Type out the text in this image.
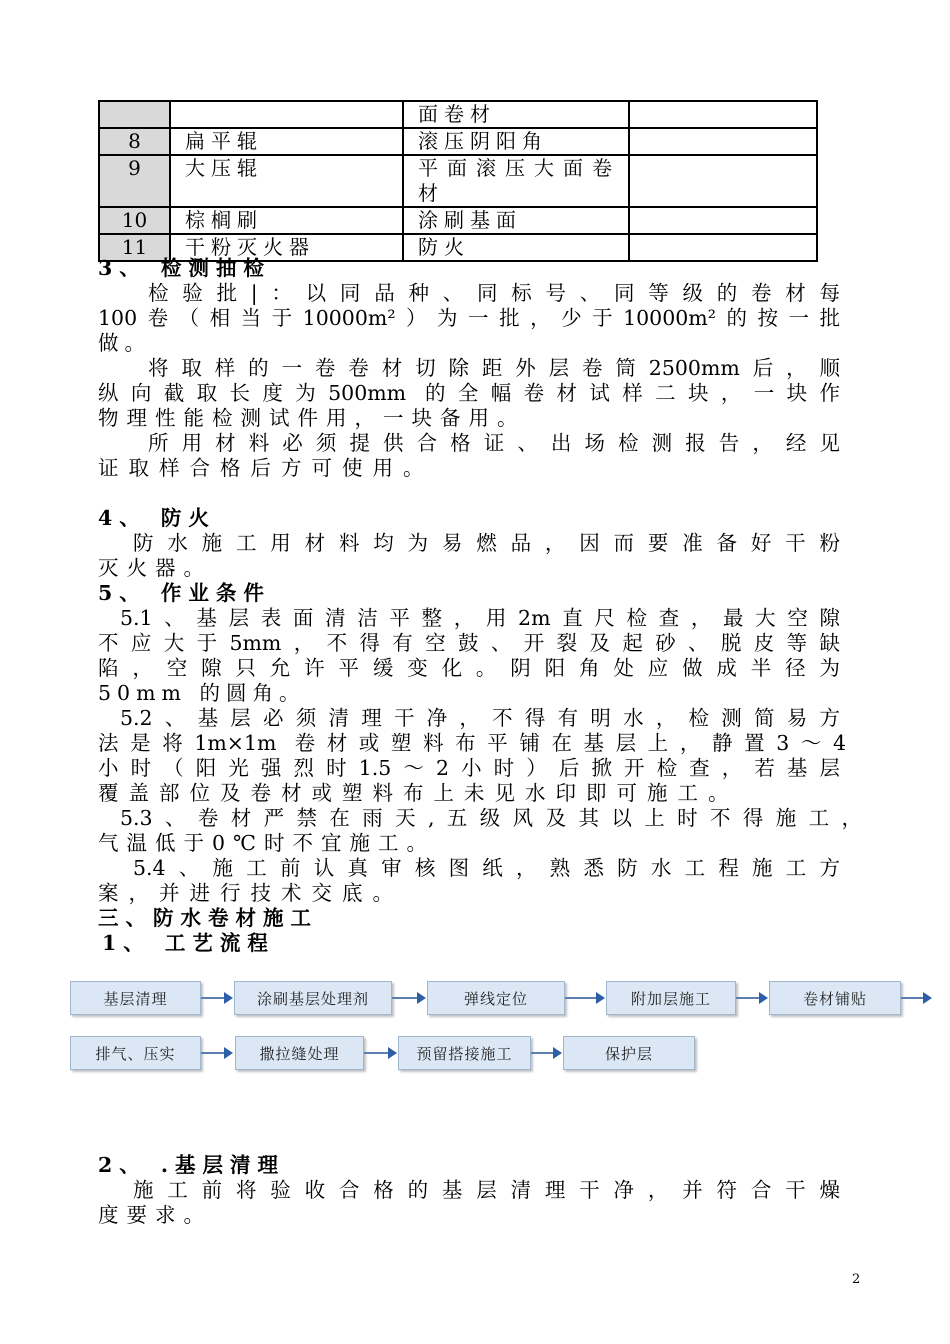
		面卷材	
8	扁平辊	滚压阴阳角	
9	大压辊	平面滚压大面卷材	
10	棕榈刷	涂刷基面	
11	干粉灭火器	防火	
3、 检测抽检
检验批|：以同品种、同标号、同等级的卷材每
100卷（相当于10000m²）为一批，少于10000m²的按一批
做。
将取样的一卷卷材切除距外层卷筒2500mm后，顺
纵向截取长度为500mm 的全幅卷材试样二块，一块作
物理性能检测试件用，一块备用。
所用材料必须提供合格证、出场检测报告，经见
证取样合格后方可使用。
4、 防火
防水施工用材料均为易燃品，因而要准备好干粉
灭火器。
5、 作业条件
5.1、基层表面清洁平整，用2m直尺检查，最大空隙
不应大于5mm，不得有空鼓、开裂及起砂、脱皮等缺
陷，空隙只允许平缓变化。阴阳角处应做成半径为
50mm 的圆角。
5.2、基层必须清理干净，不得有明水，检测简易方
法是将1m×1m 卷材或塑料布平铺在基层上，静置3～4
小时（阳光强烈时1.5～2小时）后掀开检查，若基层
覆盖部位及卷材或塑料布上未见水印即可施工。
5.3、卷材严禁在雨天,五级风及其以上时不得施工，
气温低于0℃时不宜施工。
5.4、施工前认真审核图纸，熟悉防水工程施工方
案，并进行技术交底。
三、防水卷材施工
1、 工艺流程
基层清理	涂刷基层处理剂	弹线定位	附加层施工	卷材铺贴
排气、压实	撒拉缝处理	预留搭接施工	保护层
2、 .基层清理
施工前将验收合格的基层清理干净，并符合干燥
度要求。
2
